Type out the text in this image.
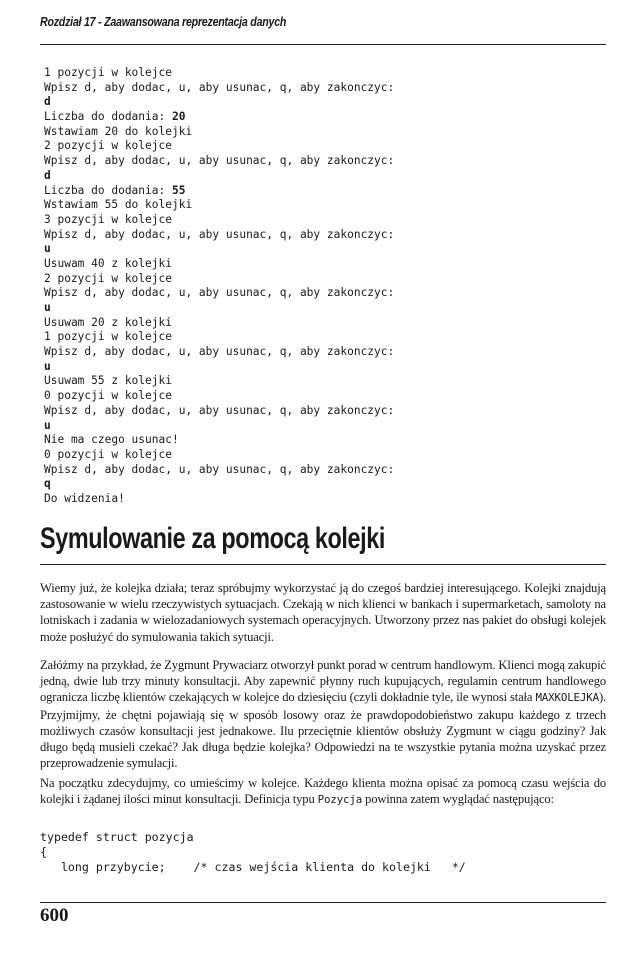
Rozdział 17 - Zaawansowana reprezentacja danych
1 pozycji w kolejce
Wpisz d, aby dodac, u, aby usunac, q, aby zakonczyc:
d
Liczba do dodania: 20
Wstawiam 20 do kolejki
2 pozycji w kolejce
Wpisz d, aby dodac, u, aby usunac, q, aby zakonczyc:
d
Liczba do dodania: 55
Wstawiam 55 do kolejki
3 pozycji w kolejce
Wpisz d, aby dodac, u, aby usunac, q, aby zakonczyc:
u
Usuwam 40 z kolejki
2 pozycji w kolejce
Wpisz d, aby dodac, u, aby usunac, q, aby zakonczyc:
u
Usuwam 20 z kolejki
1 pozycji w kolejce
Wpisz d, aby dodac, u, aby usunac, q, aby zakonczyc:
u
Usuwam 55 z kolejki
0 pozycji w kolejce
Wpisz d, aby dodac, u, aby usunac, q, aby zakonczyc:
u
Nie ma czego usunac!
0 pozycji w kolejce
Wpisz d, aby dodac, u, aby usunac, q, aby zakonczyc:
q
Do widzenia!
Symulowanie za pomocą kolejki
Wiemy już, że kolejka działa; teraz spróbujmy wykorzystać ją do czegoś bardziej interesującego. Kolejki znajdują zastosowanie w wielu rzeczywistych sytuacjach. Czekają w nich klienci w bankach i supermarketach, samoloty na lotniskach i zadania w wielozadaniowych systemach operacyjnych. Utworzony przez nas pakiet do obsługi kolejek może posłużyć do symulowania takich sytuacji.
Załóżmy na przykład, że Zygmunt Prywaciarz otworzył punkt porad w centrum handlowym. Klienci mogą zakupić jedną, dwie lub trzy minuty konsultacji. Aby zapewnić płynny ruch kupujących, regulamin centrum handlowego ogranicza liczbę klientów czekających w kolejce do dziesięciu (czyli dokładnie tyle, ile wynosi stała MAXKOLEJKA). Przyjmijmy, że chętni pojawiają się w sposób losowy oraz że prawdopodobieństwo zakupu każdego z trzech możliwych czasów konsultacji jest jednakowe. Ilu przeciętnie klientów obsłuży Zygmunt w ciągu godziny? Jak długo będą musieli czekać? Jak długa będzie kolejka? Odpowiedzi na te wszystkie pytania można uzyskać przez przeprowadzenie symulacji.
Na początku zdecydujmy, co umieścimy w kolejce. Każdego klienta można opisać za pomocą czasu wejścia do kolejki i żądanej ilości minut konsultacji. Definicja typu Pozycja powinna zatem wyglądać następująco:
typedef struct pozycja
{
long przybycie;    /* czas wejścia klienta do kolejki   */
600
